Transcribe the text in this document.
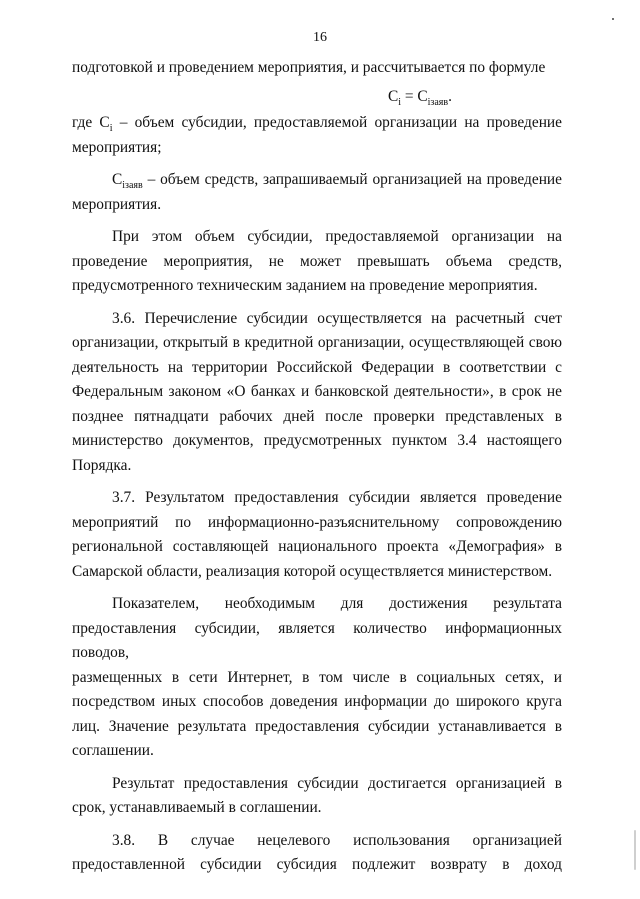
16

подготовкой и проведением мероприятия, и рассчитывается по формуле

$C_i = C_{iзаяв}$.

где $C_i$ – объем субсидии, предоставляемой организации на проведение
мероприятия;

$C_{iзаяв}$ – объем средств, запрашиваемый организацией на проведение
мероприятия.

При этом объем субсидии, предоставляемой организации на
проведение мероприятия, не может превышать объема средств,
предусмотренного техническим заданием на проведение мероприятия.

3.6. Перечисление субсидии осуществляется на расчетный счет
организации, открытый в кредитной организации, осуществляющей свою
деятельность на территории Российской Федерации в соответствии с
Федеральным законом «О банках и банковской деятельности», в срок не
позднее пятнадцати рабочих дней после проверки представленых в
министерство документов, предусмотренных пунктом 3.4 настоящего
Порядка.

3.7. Результатом предоставления субсидии является проведение
мероприятий по информационно-разъяснительному сопровождению
региональной составляющей национального проекта «Демография» в
Самарской области, реализация которой осуществляется министерством.

Показателем, необходимым для достижения результата
предоставления субсидии, является количество информационных поводов,
размещенных в сети Интернет, в том числе в социальных сетях, и
посредством иных способов доведения информации до широкого круга
лиц. Значение результата предоставления субсидии устанавливается в
соглашении.

Результат предоставления субсидии достигается организацией в
срок, устанавливаемый в соглашении.

3.8. В случае нецелевого использования организацией
предоставленной субсидии субсидия подлежит возврату в доход
